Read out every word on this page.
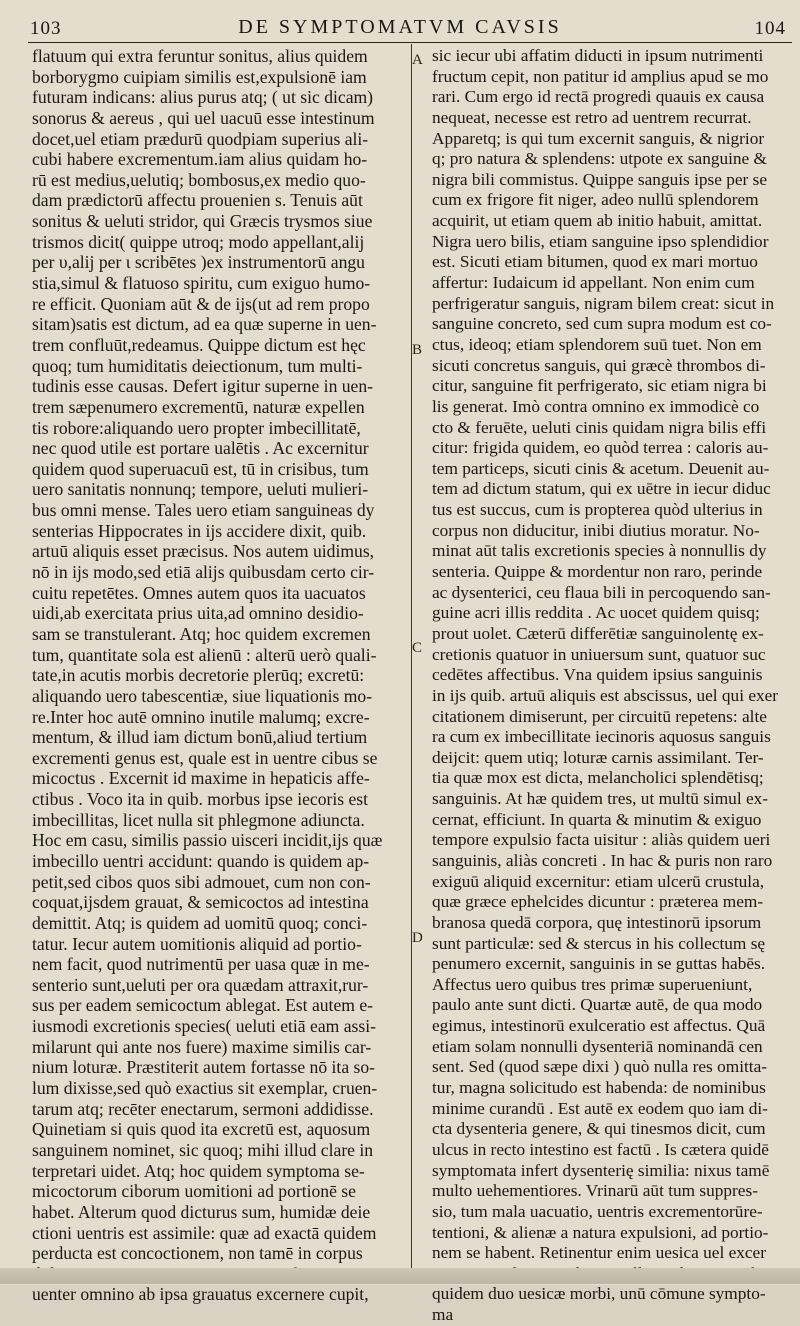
103	DE SYMPTOMATVM CAVSIS	104
flatuum qui extra feruntur sonitus, alius quidem
borborygmo cuipiam similis est,expulsionē iam
futuram indicans: alius purus atq; ( ut sic dicam)
sonorus & aereus , qui uel uacuū esse intestinum
docet,uel etiam prædurū quodpiam superius ali-
cubi habere excrementum.iam alius quidam ho-
rū est medius,uelutiq; bombosus,ex medio quo-
dam prædictorū affectu prouenien s. Tenuis aūt
sonitus & ueluti stridor, qui Græcis trysmos siue
trismos dicit( quippe utroq; modo appellant,alij
per υ,alij per ι scribētes )ex instrumentorū angu
stia,simul & flatuoso spiritu, cum exiguo humo-
re efficit. Quoniam aūt & de ijs(ut ad rem propo
sitam)satis est dictum, ad ea quæ superne in uen-
trem confluūt,redeamus. Quippe dictum est hęc
quoq; tum humiditatis deiectionum, tum multi-
tudinis esse causas. Defert igitur superne in uen-
trem sæpenumero excrementū, naturæ expellen
tis robore:aliquando uero propter imbecillitatē,
nec quod utile est portare ualētis . Ac excernitur
quidem quod superuacuū est, tū in crisibus, tum
uero sanitatis nonnunq; tempore, ueluti mulieri-
bus omni mense. Tales uero etiam sanguineas dy
senterias Hippocrates in ijs accidere dixit, quib.
artuū aliquis esset præcisus. Nos autem uidimus,
nō in ijs modo,sed etiā alijs quibusdam certo cir-
cuitu repetētes. Omnes autem quos ita uacuatos
uidi,ab exercitata prius uita,ad omnino desidio-
sam se transtulerant. Atq; hoc quidem excremen
tum, quantitate sola est alienū : alterū uerò quali-
tate,in acutis morbis decretorie plerūq; excretū:
aliquando uero tabescentiæ, siue liquationis mo-
re.Inter hoc autē omnino inutile malumq; excre-
mentum, & illud iam dictum bonū,aliud tertium
excrementi genus est, quale est in uentre cibus se
micoctus . Excernit id maxime in hepaticis affe-
ctibus . Voco ita in quib. morbus ipse iecoris est
imbecillitas, licet nulla sit phlegmone adiuncta.
Hoc em casu, similis passio uisceri incidit,ijs quæ
imbecillo uentri accidunt: quando is quidem ap-
petit,sed cibos quos sibi admouet, cum non con-
coquat,ijsdem grauat, & semicoctos ad intestina
demittit. Atq; is quidem ad uomitū quoq; conci-
tatur. Iecur autem uomitionis aliquid ad portio-
nem facit, quod nutrimentū per uasa quæ in me-
senterio sunt,ueluti per ora quædam attraxit,rur-
sus per eadem semicoctum ablegat. Est autem e-
iusmodi excretionis species( ueluti etiā eam assi-
milarunt qui ante nos fuere) maxime similis car-
nium loturæ. Præstiterit autem fortasse nō ita so-
lum dixisse,sed quò exactius sit exemplar, cruen-
tarum atq; recēter enectarum, sermoni addidisse.
Quinetiam si quis quod ita excretū est, aquosum
sanguinem nominet, sic quoq; mihi illud clare in
terpretari uidet. Atq; hoc quidem symptoma se-
micoctorum ciborum uomitioni ad portionē se
habet. Alterum quod dicturus sum, humidæ deie
ctioni uentris est assimile: quæ ad exactā quidem
perducta est concoctionem, non tamē in corpus
uenter omnino ab ipsa grauatus excernere cupit,
sic iecur ubi affatim diducti in ipsum nutrimenti
fructum cepit, non patitur id amplius apud se mo
rari. Cum ergo id rectā progredi quauis ex causa
nequeat, necesse est retro ad uentrem recurrat.
Apparetq; is qui tum excernit sanguis, & nigrior
q; pro natura & splendens: utpote ex sanguine &
nigra bili commistus. Quippe sanguis ipse per se
cum ex frigore fit niger, adeo nullū splendorem
acquirit, ut etiam quem ab initio habuit, amittat.
Nigra uero bilis, etiam sanguine ipso splendidior
est. Sicuti etiam bitumen, quod ex mari mortuo
affertur: Iudaicum id appellant. Non enim cum
perfrigeratur sanguis, nigram bilem creat: sicut in
sanguine concreto, sed cum supra modum est co-
ctus, ideoq; etiam splendorem suū tuet. Non em
sicuti concretus sanguis, qui græcè thrombos di-
citur, sanguine fit perfrigerato, sic etiam nigra bi
lis generat. Imò contra omnino ex immodicè co
cto & feruēte, ueluti cinis quidam nigra bilis effi
citur: frigida quidem, eo quòd terrea : caloris au-
tem particeps, sicuti cinis & acetum. Deuenit au-
tem ad dictum statum, qui ex uētre in iecur diduc
tus est succus, cum is propterea quòd ulterius in
corpus non diducitur, inibi diutius moratur. No-
minat aūt talis excretionis species à nonnullis dy
senteria. Quippe & mordentur non raro, perinde
ac dysenterici, ceu flaua bili in percoquendo san-
guine acri illis reddita . Ac uocet quidem quisq;
prout uolet. Cæterū differētiæ sanguinolentę ex-
cretionis quatuor in uniuersum sunt, quatuor suc
cedētes affectibus. Vna quidem ipsius sanguinis
in ijs quib. artuū aliquis est abscissus, uel qui exer
citationem dimiserunt, per circuitū repetens: alte
ra cum ex imbecillitate iecinoris aquosus sanguis
deijcit: quem utiq; loturæ carnis assimilant. Ter-
tia quæ mox est dicta, melancholici splendētisq;
sanguinis. At hæ quidem tres, ut multū simul ex-
cernat, efficiunt. In quarta & minutim & exiguo
tempore expulsio facta uisitur : aliàs quidem ueri
sanguinis, aliàs concreti . In hac & puris non raro
exiguū aliquid excernitur: etiam ulcerū crustula,
quæ græce ephelcides dicuntur : præterea mem-
branosa quedā corpora, quę intestinorū ipsorum
sunt particulæ: sed & stercus in his collectum sę
penumero excernit, sanguinis in se guttas habēs.
Affectus uero quibus tres primæ superueniunt,
paulo ante sunt dicti. Quartæ autē, de qua modo
egimus, intestinorū exulceratio est affectus. Quā
etiam solam nonnulli dysenteriā nominandā cen
sent. Sed (quod sæpe dixi ) quò nulla res omitta-
tur, magna solicitudo est habenda: de nominibus
minime curandū . Est autē ex eodem quo iam di-
cta dysenteria genere, & qui tinesmos dicit, cum
ulcus in recto intestino est factū . Is cætera quidē
symptomata infert dysenterię similia: nixus tamē
multo uehementiores. Vrinarū aūt tum suppres-
sio, tum mala uacuatio, uentris excrementorūre-
tentioni, & alienæ a natura expulsioni, ad portio-
nem se habent. Retinentur enim uesica uel excer
quidem duo uesicæ morbi, unū cōmune sympto-
ma
A
B
C
D
